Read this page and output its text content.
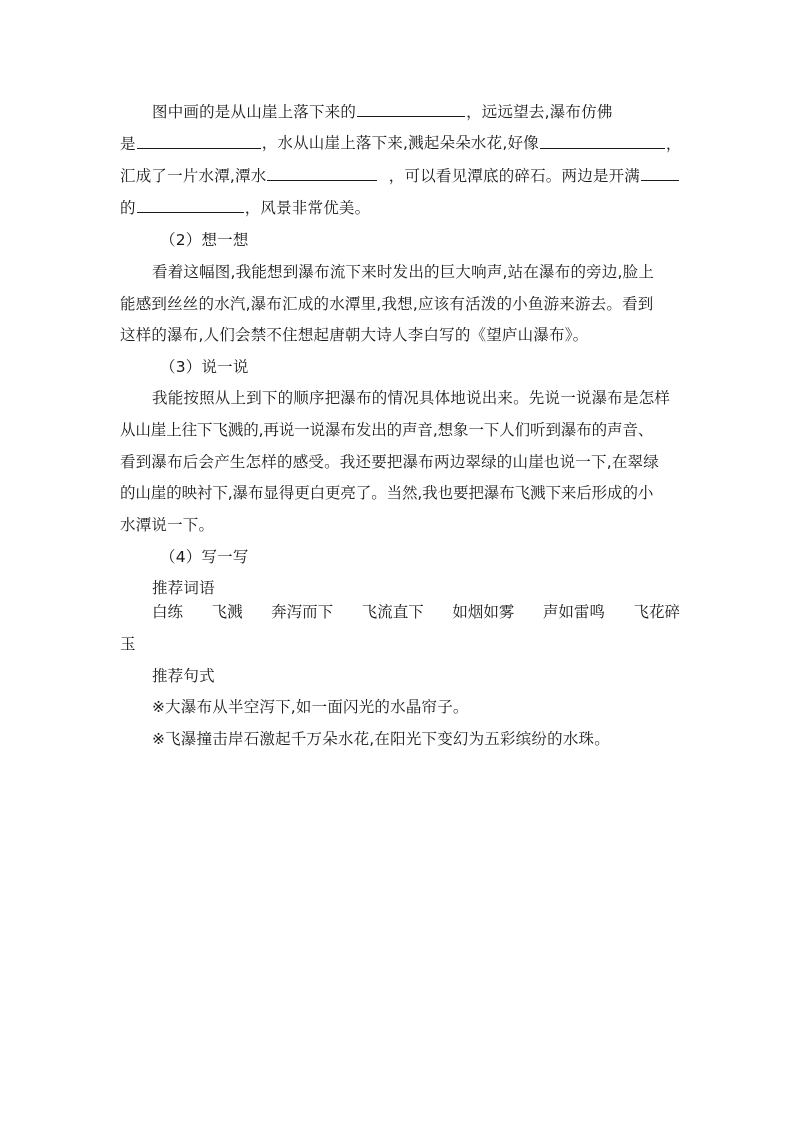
图中画的是从山崖上落下来的	，远远望去,瀑布仿佛
是	，水从山崖上落下来,溅起朵朵水花,好像	，
汇成了一片水潭,潭水	，可以看见潭底的碎石。两边是开满
的	，风景非常优美。
（2）想一想
看着这幅图,我能想到瀑布流下来时发出的巨大响声,站在瀑布的旁边,脸上
能感到丝丝的水汽,瀑布汇成的水潭里,我想,应该有活泼的小鱼游来游去。看到
这样的瀑布,人们会禁不住想起唐朝大诗人李白写的《望庐山瀑布》。
（3）说一说
我能按照从上到下的顺序把瀑布的情况具体地说出来。先说一说瀑布是怎样
从山崖上往下飞溅的,再说一说瀑布发出的声音,想象一下人们听到瀑布的声音、
看到瀑布后会产生怎样的感受。我还要把瀑布两边翠绿的山崖也说一下,在翠绿
的山崖的映衬下,瀑布显得更白更亮了。当然,我也要把瀑布飞溅下来后形成的小
水潭说一下。
（4）写一写
推荐词语
白练 飞溅 奔泻而下 飞流直下 如烟如雾 声如雷鸣 飞花碎
玉
推荐句式
※大瀑布从半空泻下,如一面闪光的水晶帘子。
※飞瀑撞击岸石激起千万朵水花,在阳光下变幻为五彩缤纷的水珠。
